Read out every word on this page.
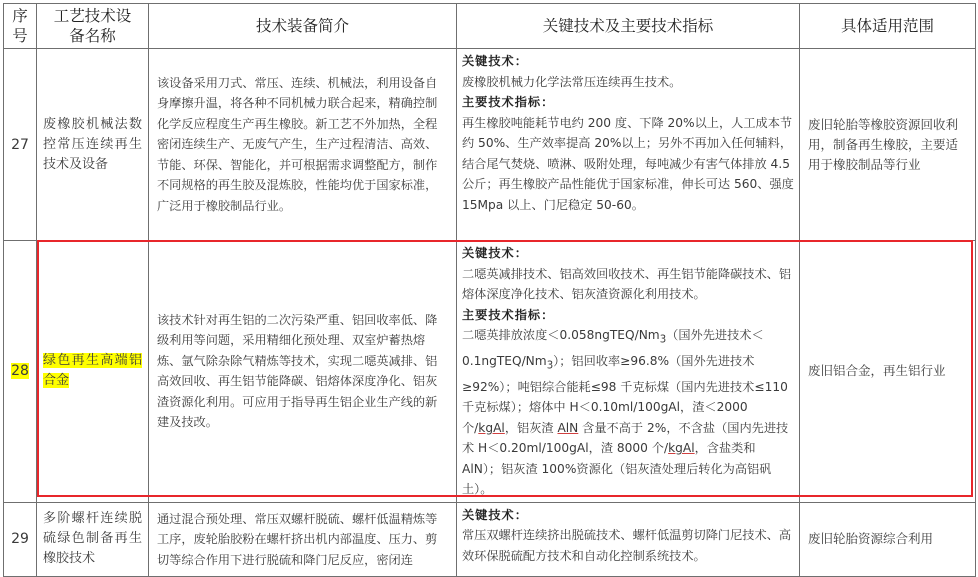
序
号	工艺技术设
备名称	技术装备简介	关键技术及主要技术指标	具体适用范围
27	废橡胶机械法数控常压连续再生技术及设备	该设备采用刀式、常压、连续、机械法，利用设备自身摩擦升温，将各种不同机械力联合起来，精确控制化学反应程度生产再生橡胶。新工艺不外加热，全程密闭连续生产、无废气产生，生产过程清洁、高效、节能、环保、智能化，并可根据需求调整配方，制作不同规格的再生胶及混炼胶，性能均优于国家标准，广泛用于橡胶制品行业。	关键技术：
废橡胶机械力化学法常压连续再生技术。
主要技术指标：
再生橡胶吨能耗节电约 200 度、下降 20%以上，人工成本节约 50%、生产效率提高 20%以上；另外不再加入任何辅料，结合尾气焚烧、喷淋、吸附处理，每吨减少有害气体排放 4.5 公斤；再生橡胶产品性能优于国家标准，伸长可达 560、强度 15Mpa 以上、门尼稳定 50-60。	废旧轮胎等橡胶资源回收利用，制备再生橡胶，主要适用于橡胶制品等行业
28	绿色再生高端铝合金	该技术针对再生铝的二次污染严重、铝回收率低、降级利用等问题，采用精细化预处理、双室炉蓄热熔炼、氩气除杂除气精炼等技术，实现二噁英减排、铝高效回收、再生铝节能降碳、铝熔体深度净化、铝灰渣资源化利用。可应用于指导再生铝企业生产线的新建及技改。	关键技术：
二噁英减排技术、铝高效回收技术、再生铝节能降碳技术、铝熔体深度净化技术、铝灰渣资源化利用技术。
主要技术指标：
二噁英排放浓度$<0.058ngTEQ/Nm_3$（国外先进技术$<0.1ngTEQ/Nm_3$）；铝回收率≥96.8%（国外先进技术≥92%）；吨铝综合能耗≤98 千克标煤（国内先进技术≤110 千克标煤）；熔体中 H＜0.10ml/100gAl，渣＜2000 个/kgAl，铝灰渣 AlN 含量不高于 2%，不含盐（国内先进技术 H＜0.20ml/100gAl，渣 8000 个/kgAl，含盐类和 AlN）；铝灰渣 100%资源化（铝灰渣处理后转化为高铝矾土）。	废旧铝合金，再生铝行业
29	多阶螺杆连续脱硫绿色制备再生橡胶技术	通过混合预处理、常压双螺杆脱硫、螺杆低温精炼等工序，废轮胎胶粉在螺杆挤出机内部温度、压力、剪切等综合作用下进行脱硫和降门尼反应，密闭连	关键技术：
常压双螺杆连续挤出脱硫技术、螺杆低温剪切降门尼技术、高效环保脱硫配方技术和自动化控制系统技术。	废旧轮胎资源综合利用
